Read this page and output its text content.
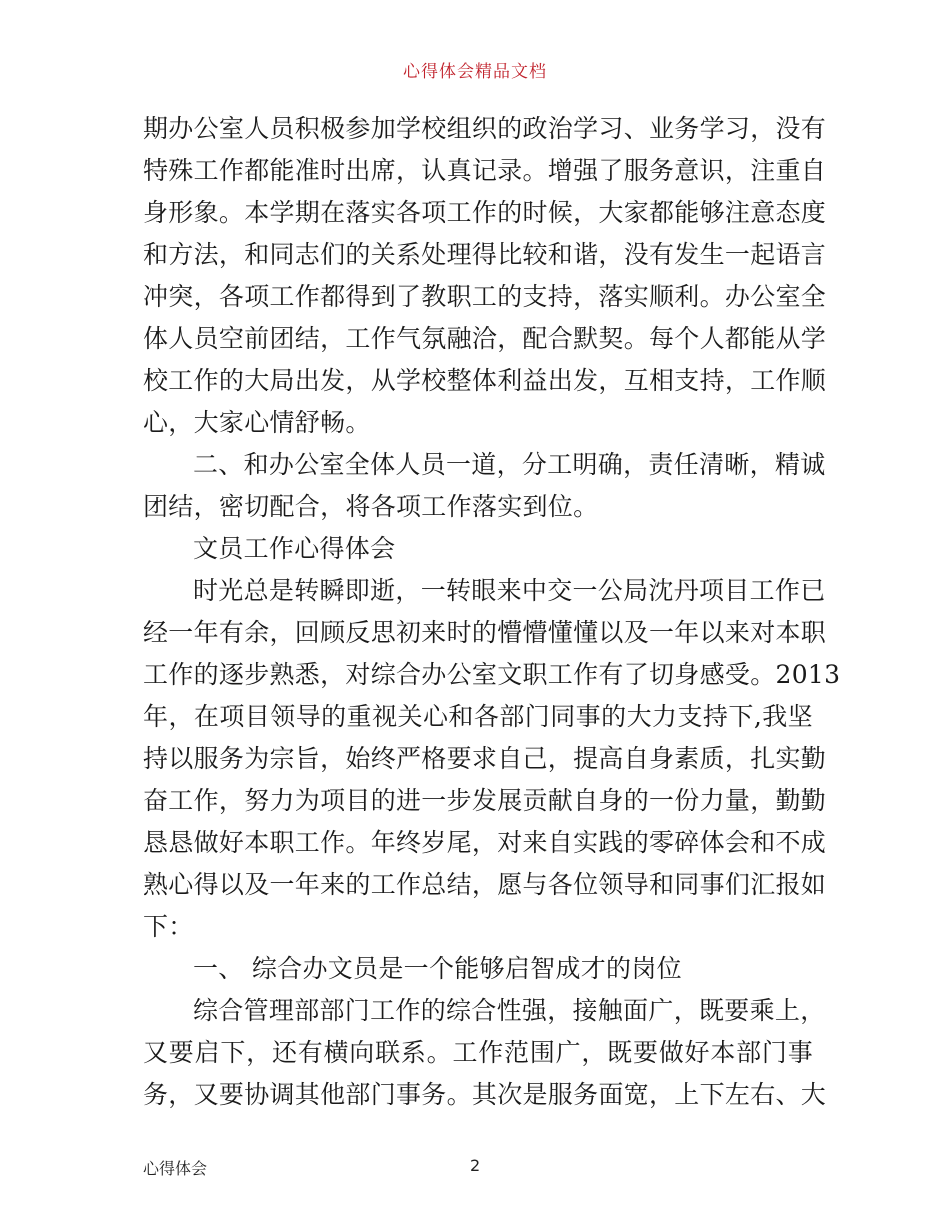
心得体会精品文档
期办公室人员积极参加学校组织的政治学习、业务学习，没有
特殊工作都能准时出席，认真记录。增强了服务意识，注重自
身形象。本学期在落实各项工作的时候，大家都能够注意态度
和方法，和同志们的关系处理得比较和谐，没有发生一起语言
冲突，各项工作都得到了教职工的支持，落实顺利。办公室全
体人员空前团结，工作气氛融洽，配合默契。每个人都能从学
校工作的大局出发，从学校整体利益出发，互相支持，工作顺
心，大家心情舒畅。
二、和办公室全体人员一道，分工明确，责任清晰，精诚
团结，密切配合，将各项工作落实到位。
文员工作心得体会
时光总是转瞬即逝，一转眼来中交一公局沈丹项目工作已
经一年有余，回顾反思初来时的懵懵懂懂以及一年以来对本职
工作的逐步熟悉，对综合办公室文职工作有了切身感受。2013
年，在项目领导的重视关心和各部门同事的大力支持下,我坚
持以服务为宗旨，始终严格要求自己，提高自身素质，扎实勤
奋工作，努力为项目的进一步发展贡献自身的一份力量，勤勤
恳恳做好本职工作。年终岁尾，对来自实践的零碎体会和不成
熟心得以及一年来的工作总结，愿与各位领导和同事们汇报如
下：
一、 综合办文员是一个能够启智成才的岗位
综合管理部部门工作的综合性强，接触面广，既要乘上，
又要启下，还有横向联系。工作范围广，既要做好本部门事
务，又要协调其他部门事务。其次是服务面宽，上下左右、大
心得体会	2
